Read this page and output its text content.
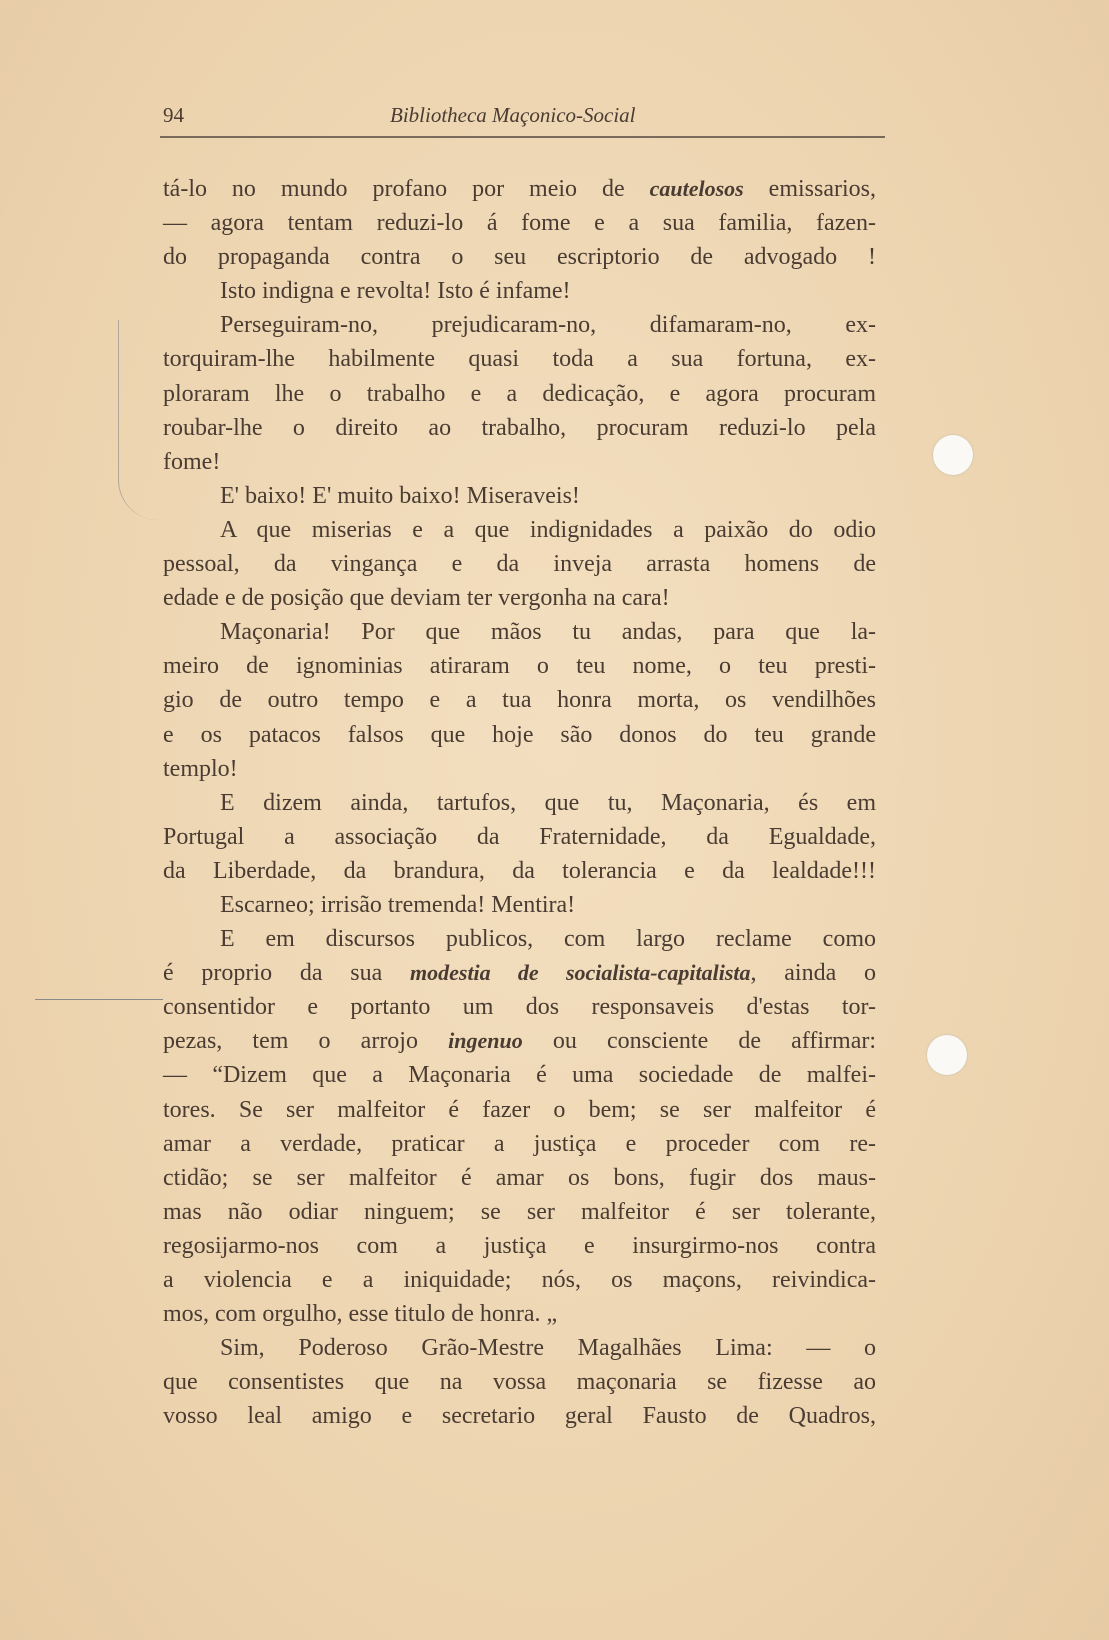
94	Bibliotheca Maçonico-Social
tá-lo no mundo profano por meio de cautelosos emissarios,
— agora tentam reduzi-lo á fome e a sua familia, fazen-
do propaganda contra o seu escriptorio de advogado !
Isto indigna e revolta! Isto é infame!
Perseguiram-no, prejudicaram-no, difamaram-no, ex-
torquiram-lhe habilmente quasi toda a sua fortuna, ex-
ploraram lhe o trabalho e a dedicação, e agora procuram
roubar-lhe o direito ao trabalho, procuram reduzi-lo pela
fome!
E' baixo! E' muito baixo! Miseraveis!
A que miserias e a que indignidades a paixão do odio
pessoal, da vingança e da inveja arrasta homens de
edade e de posição que deviam ter vergonha na cara!
Maçonaria! Por que mãos tu andas, para que la-
meiro de ignominias atiraram o teu nome, o teu presti-
gio de outro tempo e a tua honra morta, os vendilhões
e os patacos falsos que hoje são donos do teu grande
templo!
E dizem ainda, tartufos, que tu, Maçonaria, és em
Portugal a associação da Fraternidade, da Egualdade,
da Liberdade, da brandura, da tolerancia e da lealdade!!!
Escarneo; irrisão tremenda! Mentira!
E em discursos publicos, com largo reclame como
é proprio da sua modestia de socialista-capitalista, ainda o
consentidor e portanto um dos responsaveis d'estas tor-
pezas, tem o arrojo ingenuo ou consciente de affirmar:
— “Dizem que a Maçonaria é uma sociedade de malfei-
tores. Se ser malfeitor é fazer o bem; se ser malfeitor é
amar a verdade, praticar a justiça e proceder com re-
ctidão; se ser malfeitor é amar os bons, fugir dos maus-
mas não odiar ninguem; se ser malfeitor é ser tolerante,
regosijarmo-nos com a justiça e insurgirmo-nos contra
a violencia e a iniquidade; nós, os maçons, reivindica-
mos, com orgulho, esse titulo de honra. „
Sim, Poderoso Grão-Mestre Magalhães Lima: — o
que consentistes que na vossa maçonaria se fizesse ao
vosso leal amigo e secretario geral Fausto de Quadros,
